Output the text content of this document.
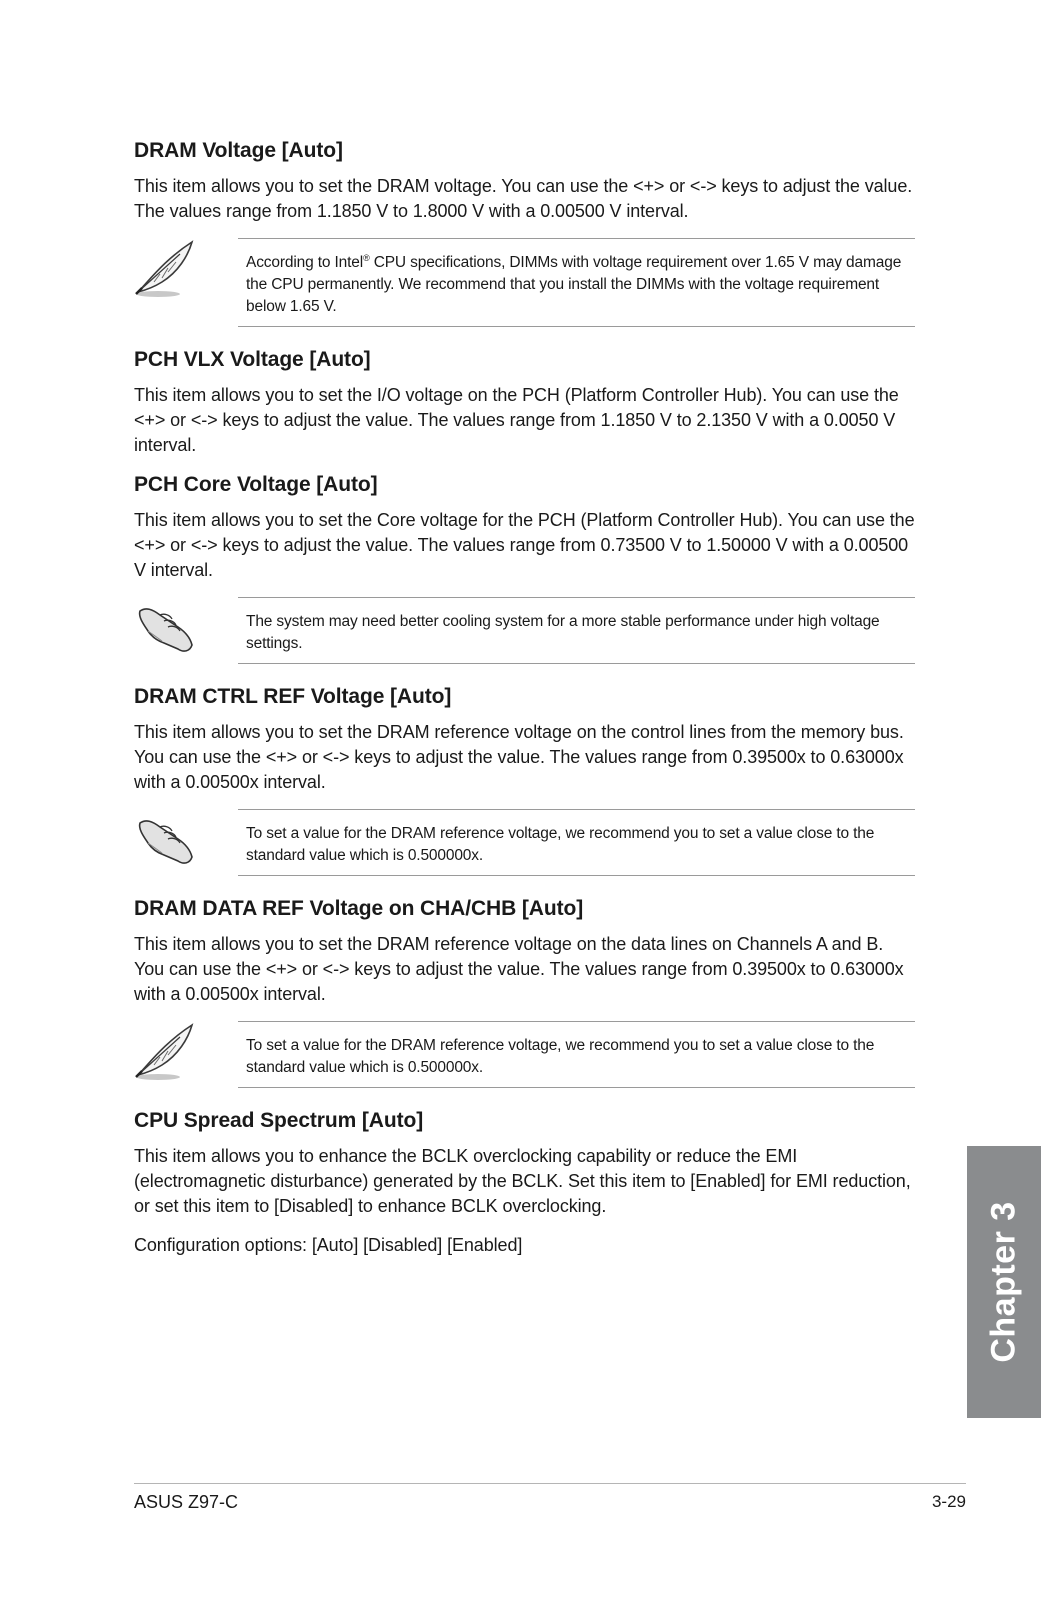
DRAM Voltage [Auto]
This item allows you to set the DRAM voltage. You can use the <+> or <-> keys to adjust the value. The values range from 1.1850 V to 1.8000 V with a 0.00500 V interval.
According to Intel® CPU specifications, DIMMs with voltage requirement over 1.65 V may damage the CPU permanently. We recommend that you install the DIMMs with the voltage requirement below 1.65 V.
PCH VLX Voltage [Auto]
This item allows you to set the I/O voltage on the PCH (Platform Controller Hub). You can use the <+> or <-> keys to adjust the value. The values range from 1.1850 V to 2.1350 V with a 0.0050 V interval.
PCH Core Voltage [Auto]
This item allows you to set the Core voltage for the PCH (Platform Controller Hub). You can use the <+> or <-> keys to adjust the value. The values range from 0.73500 V to 1.50000 V with a 0.00500 V interval.
The system may need better cooling system for a more stable performance under high voltage settings.
DRAM CTRL REF Voltage [Auto]
This item allows you to set the DRAM reference voltage on the control lines from the memory bus. You can use the <+> or <-> keys to adjust the value. The values range from 0.39500x to 0.63000x with a 0.00500x interval.
To set a value for the DRAM reference voltage, we recommend you to set a value close to the standard value which is 0.500000x.
DRAM DATA REF Voltage on CHA/CHB [Auto]
This item allows you to set the DRAM reference voltage on the data lines on Channels A and B. You can use the <+> or <-> keys to adjust the value. The values range from 0.39500x to 0.63000x with a 0.00500x interval.
To set a value for the DRAM reference voltage, we recommend you to set a value close to the standard value which is 0.500000x.
CPU Spread Spectrum [Auto]
This item allows you to enhance the BCLK overclocking capability or reduce the EMI (electromagnetic disturbance) generated by the BCLK. Set this item to [Enabled] for EMI reduction, or set this item to [Disabled] to enhance BCLK overclocking.
Configuration options: [Auto] [Disabled] [Enabled]	Chapter 3
ASUS Z97-C	3-29
